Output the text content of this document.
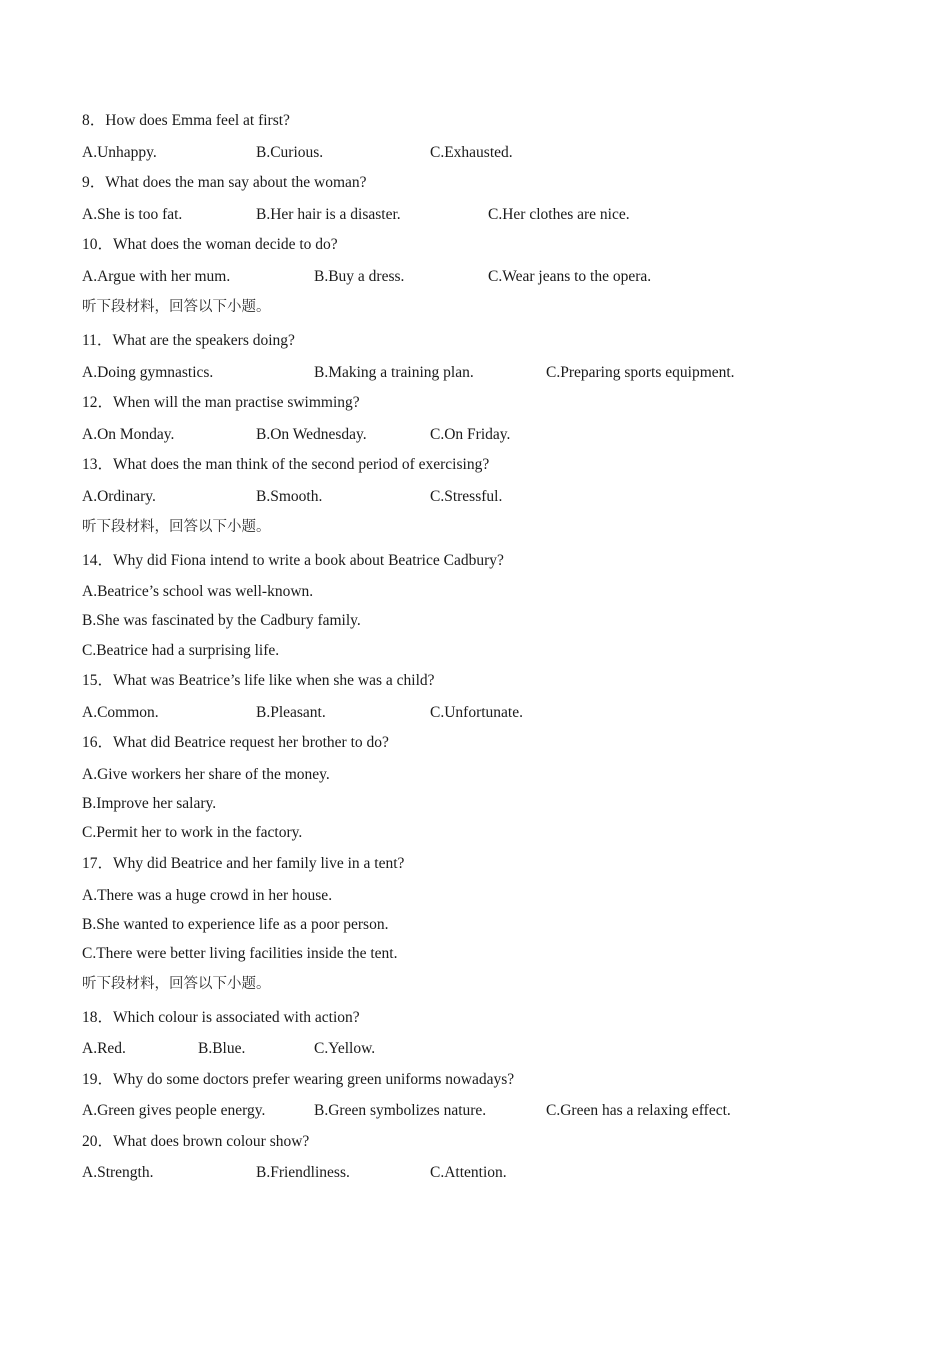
8．How does Emma feel at first?
A.Unhappy.	B.Curious.	C.Exhausted.
9．What does the man say about the woman?
A.She is too fat.	B.Her hair is a disaster.	C.Her clothes are nice.
10．What does the woman decide to do?
A.Argue with her mum.	B.Buy a dress.	C.Wear jeans to the opera.
听下段材料，回答以下小题。
11．What are the speakers doing?
A.Doing gymnastics.	B.Making a training plan.	C.Preparing sports equipment.
12．When will the man practise swimming?
A.On Monday.	B.On Wednesday.	C.On Friday.
13．What does the man think of the second period of exercising?
A.Ordinary.	B.Smooth.	C.Stressful.
听下段材料，回答以下小题。
14．Why did Fiona intend to write a book about Beatrice Cadbury?
A.Beatrice’s school was well-known.
B.She was fascinated by the Cadbury family.
C.Beatrice had a surprising life.
15．What was Beatrice’s life like when she was a child?
A.Common.	B.Pleasant.	C.Unfortunate.
16．What did Beatrice request her brother to do?
A.Give workers her share of the money.
B.Improve her salary.
C.Permit her to work in the factory.
17．Why did Beatrice and her family live in a tent?
A.There was a huge crowd in her house.
B.She wanted to experience life as a poor person.
C.There were better living facilities inside the tent.
听下段材料，回答以下小题。
18．Which colour is associated with action?
A.Red.	B.Blue.	C.Yellow.
19．Why do some doctors prefer wearing green uniforms nowadays?
A.Green gives people energy.	B.Green symbolizes nature.	C.Green has a relaxing effect.
20．What does brown colour show?
A.Strength.	B.Friendliness.	C.Attention.
